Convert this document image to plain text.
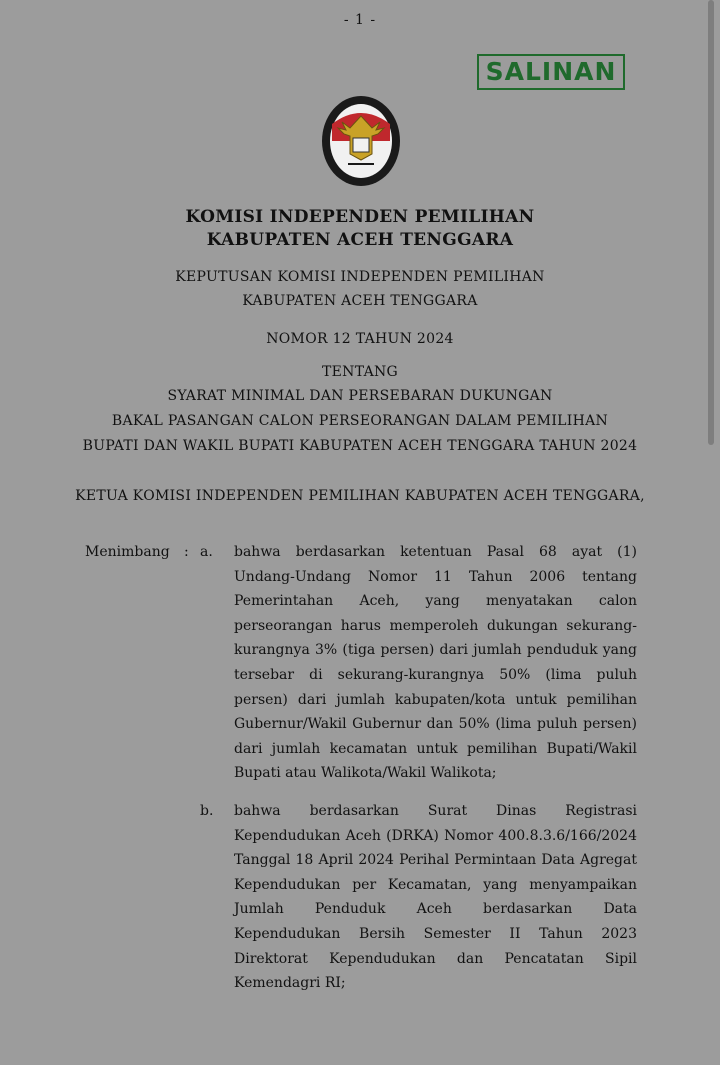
- 1 -
SALINAN
KOMISI INDEPENDEN PEMILIHAN
KABUPATEN ACEH TENGGARA
KEPUTUSAN KOMISI INDEPENDEN PEMILIHAN
KABUPATEN ACEH TENGGARA
NOMOR 12 TAHUN 2024
TENTANG
SYARAT MINIMAL DAN PERSEBARAN DUKUNGAN
BAKAL PASANGAN CALON PERSEORANGAN DALAM PEMILIHAN
BUPATI DAN WAKIL BUPATI KABUPATEN ACEH TENGGARA TAHUN 2024
KETUA KOMISI INDEPENDEN PEMILIHAN KABUPATEN ACEH TENGGARA,
Menimbang : a. bahwa berdasarkan ketentuan Pasal 68 ayat (1) Undang-Undang Nomor 11 Tahun 2006 tentang Pemerintahan Aceh, yang menyatakan calon perseorangan harus memperoleh dukungan sekurang-kurangnya 3% (tiga persen) dari jumlah penduduk yang tersebar di sekurang-kurangnya 50% (lima puluh persen) dari jumlah kabupaten/kota untuk pemilihan Gubernur/Wakil Gubernur dan 50% (lima puluh persen) dari jumlah kecamatan untuk pemilihan Bupati/Wakil Bupati atau Walikota/Wakil Walikota;
b. bahwa berdasarkan Surat Dinas Registrasi Kependudukan Aceh (DRKA) Nomor 400.8.3.6/166/2024 Tanggal 18 April 2024 Perihal Permintaan Data Agregat Kependudukan per Kecamatan, yang menyampaikan Jumlah Penduduk Aceh berdasarkan Data Kependudukan Bersih Semester II Tahun 2023 Direktorat Kependudukan dan Pencatatan Sipil Kemendagri RI;
